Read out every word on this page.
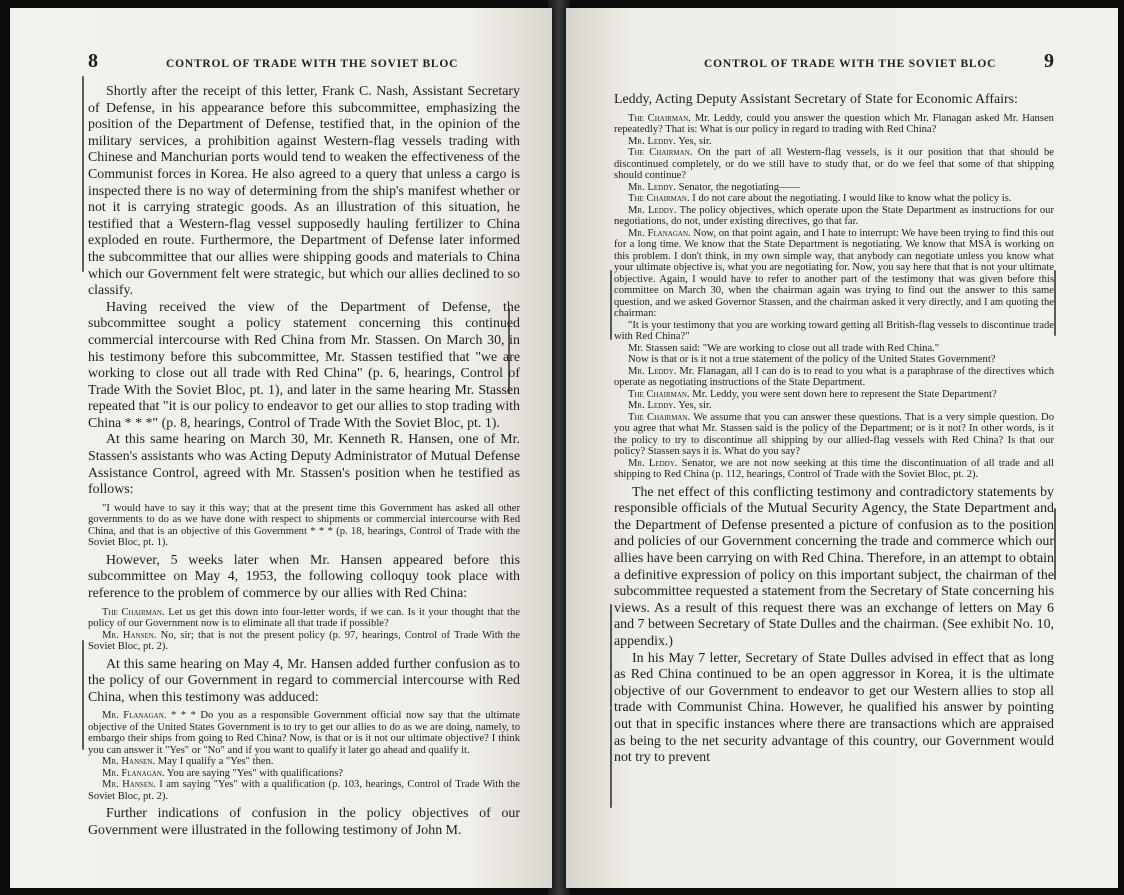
8	CONTROL OF TRADE WITH THE SOVIET BLOC

Shortly after the receipt of this letter, Frank C. Nash, Assistant Secretary of Defense, in his appearance before this subcommittee, emphasizing the position of the Department of Defense, testified that, in the opinion of the military services, a prohibition against Western-flag vessels trading with Chinese and Manchurian ports would tend to weaken the effectiveness of the Communist forces in Korea. He also agreed to a query that unless a cargo is inspected there is no way of determining from the ship's manifest whether or not it is carrying strategic goods. As an illustration of this situation, he testified that a Western-flag vessel supposedly hauling fertilizer to China exploded en route. Furthermore, the Department of Defense later informed the subcommittee that our allies were shipping goods and materials to China which our Government felt were strategic, but which our allies declined to so classify.

Having received the view of the Department of Defense, the subcommittee sought a policy statement concerning this continued commercial intercourse with Red China from Mr. Stassen. On March 30, in his testimony before this subcommittee, Mr. Stassen testified that "we are working to close out all trade with Red China" (p. 6, hearings, Control of Trade With the Soviet Bloc, pt. 1), and later in the same hearing Mr. Stassen repeated that "it is our policy to endeavor to get our allies to stop trading with China * * *" (p. 8, hearings, Control of Trade With the Soviet Bloc, pt. 1).

At this same hearing on March 30, Mr. Kenneth R. Hansen, one of Mr. Stassen's assistants who was Acting Deputy Administrator of Mutual Defense Assistance Control, agreed with Mr. Stassen's position when he testified as follows:

"I would have to say it this way; that at the present time this Government has asked all other governments to do as we have done with respect to shipments or commercial intercourse with Red China, and that is an objective of this Government * * * (p. 18, hearings, Control of Trade with the Soviet Bloc, pt. 1).

However, 5 weeks later when Mr. Hansen appeared before this subcommittee on May 4, 1953, the following colloquy took place with reference to the problem of commerce by our allies with Red China:

The Chairman. Let us get this down into four-letter words, if we can. Is it your thought that the policy of our Government now is to eliminate all that trade if possible?

Mr. Hansen. No, sir; that is not the present policy (p. 97, hearings, Control of Trade With the Soviet Bloc, pt. 2).

At this same hearing on May 4, Mr. Hansen added further confusion as to the policy of our Government in regard to commercial intercourse with Red China, when this testimony was adduced:

Mr. Flanagan. * * * Do you as a responsible Government official now say that the ultimate objective of the United States Government is to try to get our allies to do as we are doing, namely, to embargo their ships from going to Red China? Now, is that or is it not our ultimate objective? I think you can answer it "Yes" or "No" and if you want to qualify it later go ahead and qualify it.

Mr. Hansen. May I qualify a "Yes" then.

Mr. Flanagan. You are saying "Yes" with qualifications?

Mr. Hansen. I am saying "Yes" with a qualification (p. 103, hearings, Control of Trade With the Soviet Bloc, pt. 2).

Further indications of confusion in the policy objectives of our Government were illustrated in the following testimony of John M.

CONTROL OF TRADE WITH THE SOVIET BLOC 9

Leddy, Acting Deputy Assistant Secretary of State for Economic Affairs:

The Chairman. Mr. Leddy, could you answer the question which Mr. Flanagan asked Mr. Hansen repeatedly? That is: What is our policy in regard to trading with Red China?

Mr. Leddy. Yes, sir.

The Chairman. On the part of all Western-flag vessels, is it our position that that should be discontinued completely, or do we still have to study that, or do we feel that some of that shipping should continue?

Mr. Leddy. Senator, the negotiating——

The Chairman. I do not care about the negotiating. I would like to know what the policy is.

Mr. Leddy. The policy objectives, which operate upon the State Department as instructions for our negotiations, do not, under existing directives, go that far.

Mr. Flanagan. Now, on that point again, and I hate to interrupt: We have been trying to find this out for a long time. We know that the State Department is negotiating. We know that MSA is working on this problem. I don't think, in my own simple way, that anybody can negotiate unless you know what your ultimate objective is, what you are negotiating for. Now, you say here that that is not your ultimate objective. Again, I would have to refer to another part of the testimony that was given before this committee on March 30, when the chairman again was trying to find out the answer to this same question, and we asked Governor Stassen, and the chairman asked it very directly, and I am quoting the chairman:

"It is your testimony that you are working toward getting all British-flag vessels to discontinue trade with Red China?"

Mr. Stassen said: "We are working to close out all trade with Red China."

Now is that or is it not a true statement of the policy of the United States Government?

Mr. Leddy. Mr. Flanagan, all I can do is to read to you what is a paraphrase of the directives which operate as negotiating instructions of the State Department.

The Chairman. Mr. Leddy, you were sent down here to represent the State Department?

Mr. Leddy. Yes, sir.

The Chairman. We assume that you can answer these questions. That is a very simple question. Do you agree that what Mr. Stassen said is the policy of the Department; or is it not? In other words, is it the policy to try to discontinue all shipping by our allied-flag vessels with Red China? Is that our policy? Stassen says it is. What do you say?

Mr. Leddy. Senator, we are not now seeking at this time the discontinuation of all trade and all shipping to Red China (p. 112, hearings, Control of Trade with the Soviet Bloc, pt. 2).

The net effect of this conflicting testimony and contradictory statements by responsible officials of the Mutual Security Agency, the State Department and the Department of Defense presented a picture of confusion as to the position and policies of our Government concerning the trade and commerce which our allies have been carrying on with Red China. Therefore, in an attempt to obtain a definitive expression of policy on this important subject, the chairman of the subcommittee requested a statement from the Secretary of State concerning his views. As a result of this request there was an exchange of letters on May 6 and 7 between Secretary of State Dulles and the chairman. (See exhibit No. 10, appendix.)

In his May 7 letter, Secretary of State Dulles advised in effect that as long as Red China continued to be an open aggressor in Korea, it is the ultimate objective of our Government to endeavor to get our Western allies to stop all trade with Communist China. However, he qualified his answer by pointing out that in specific instances where there are transactions which are appraised as being to the net security advantage of this country, our Government would not try to prevent
